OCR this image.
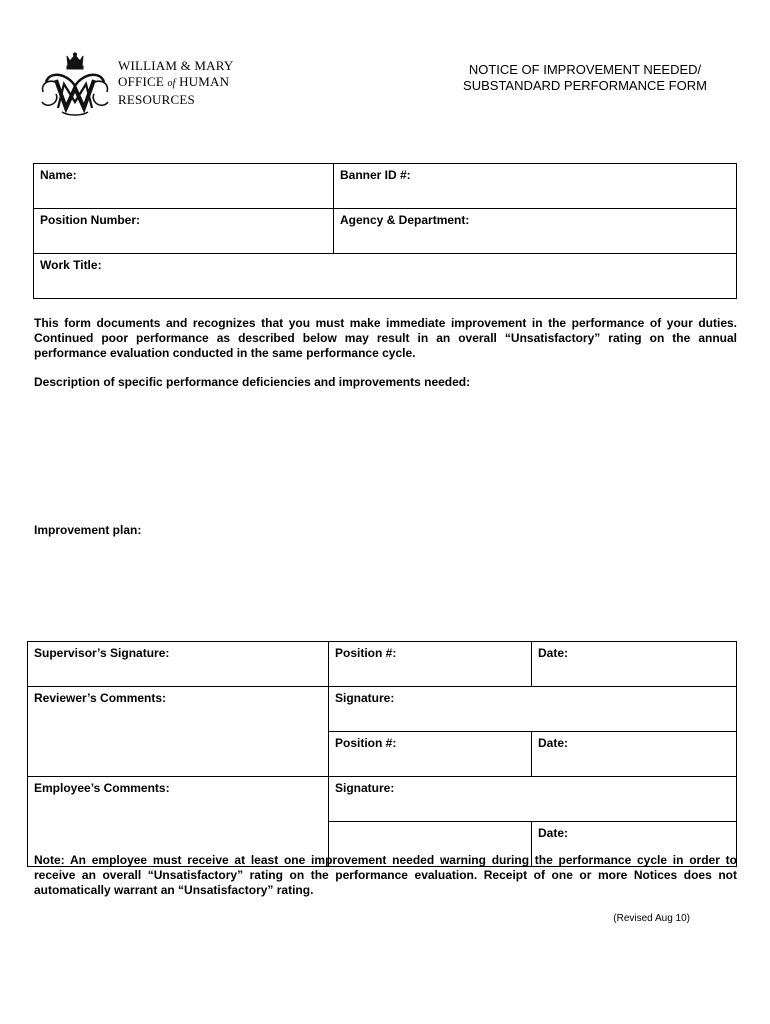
WILLIAM & MARY
OFFICE of HUMAN
RESOURCES
NOTICE OF IMPROVEMENT NEEDED/
SUBSTANDARD PERFORMANCE FORM
Name:	Banner ID #:
Position Number:	Agency & Department:
Work Title:	
This form documents and recognizes that you must make immediate improvement in the performance of your duties. Continued poor performance as described below may result in an overall “Unsatisfactory” rating on the annual performance evaluation conducted in the same performance cycle.
Description of specific performance deficiencies and improvements needed:
Improvement plan:
Supervisor’s Signature:	Position #:	Date:
Reviewer’s Comments:	Signature:	
	Position #:	Date:
Employee’s Comments:	Signature:	
		Date:
Note: An employee must receive at least one improvement needed warning during the performance cycle in order to receive an overall “Unsatisfactory” rating on the performance evaluation. Receipt of one or more Notices does not automatically warrant an “Unsatisfactory” rating.
(Revised Aug 10)
